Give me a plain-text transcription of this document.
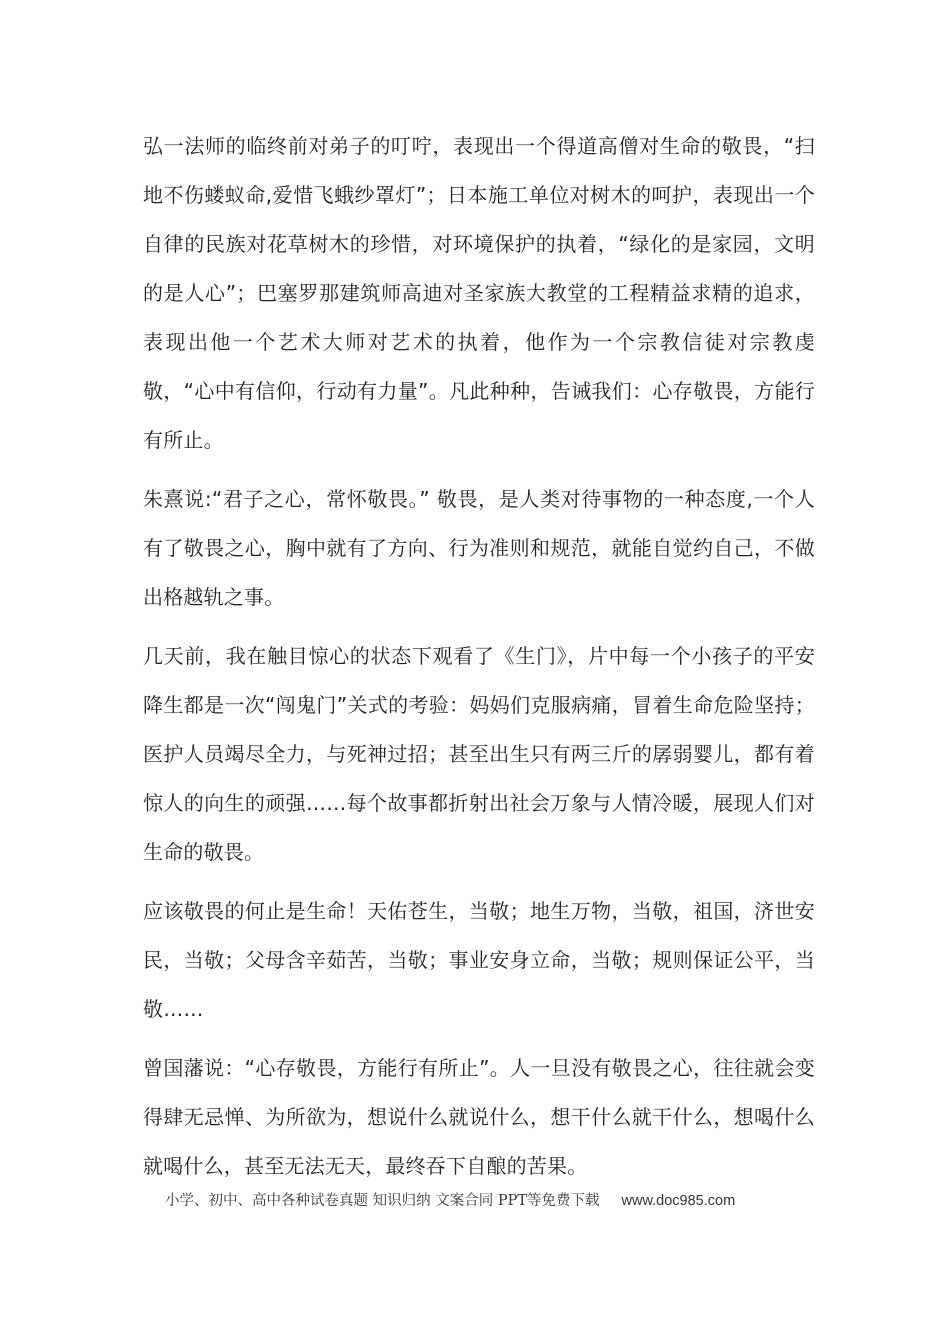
弘一法师的临终前对弟子的叮咛，表现出一个得道高僧对生命的敬畏，“扫地不伤蝼蚁命,爱惜飞蛾纱罩灯”；日本施工单位对树木的呵护，表现出一个自律的民族对花草树木的珍惜，对环境保护的执着，“绿化的是家园，文明的是人心”；巴塞罗那建筑师高迪对圣家族大教堂的工程精益求精的追求，表现出他一个艺术大师对艺术的执着，他作为一个宗教信徒对宗教虔敬，“心中有信仰，行动有力量”。凡此种种，告诫我们：心存敬畏，方能行有所止。

朱熹说:“君子之心，常怀敬畏。” 敬畏，是人类对待事物的一种态度,一个人有了敬畏之心，胸中就有了方向、行为准则和规范，就能自觉约自己，不做出格越轨之事。

几天前，我在触目惊心的状态下观看了《生门》，片中每一个小孩子的平安降生都是一次“闯鬼门”关式的考验：妈妈们克服病痛，冒着生命危险坚持；医护人员竭尽全力，与死神过招；甚至出生只有两三斤的孱弱婴儿，都有着惊人的向生的顽强……每个故事都折射出社会万象与人情冷暖，展现人们对生命的敬畏。

应该敬畏的何止是生命！天佑苍生，当敬；地生万物，当敬，祖国，济世安民，当敬；父母含辛茹苦，当敬；事业安身立命，当敬；规则保证公平，当敬……

曾国藩说：“心存敬畏，方能行有所止”。人一旦没有敬畏之心，往往就会变得肆无忌惮、为所欲为，想说什么就说什么，想干什么就干什么，想喝什么就喝什么，甚至无法无天，最终吞下自酿的苦果。

小学、初中、高中各种试卷真题 知识归纳 文案合同 PPT等免费下载 www.doc985.com
